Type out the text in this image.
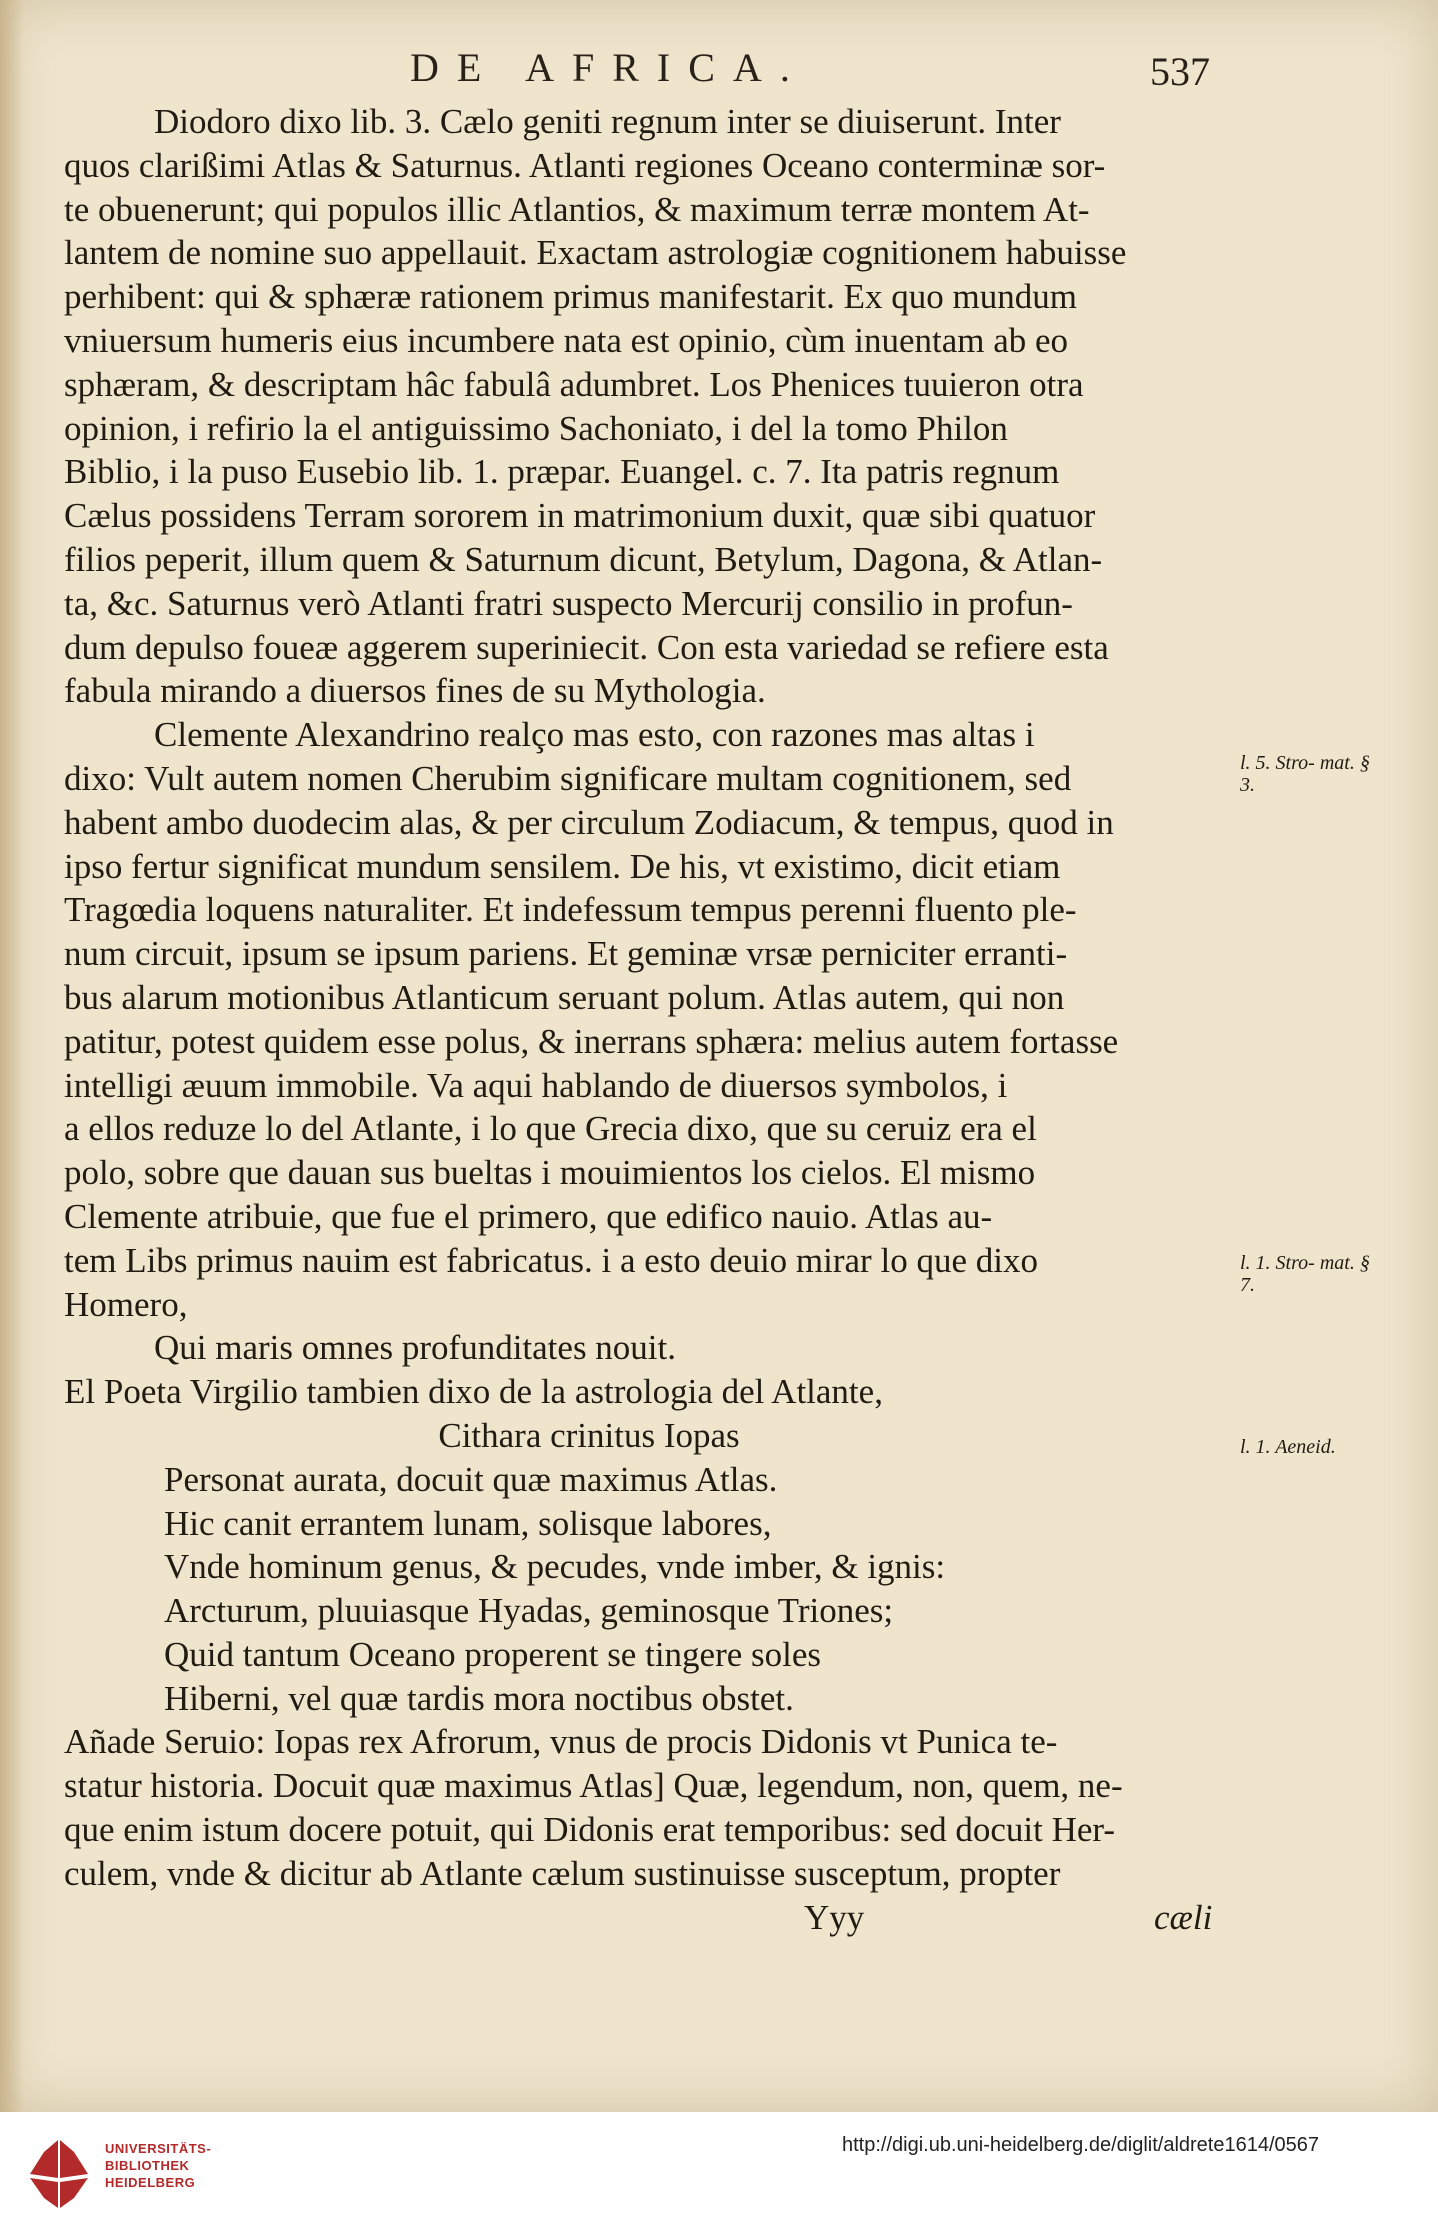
DE AFRICA.	537
Diodoro dixo lib. 3. Cælo geniti regnum inter se diuiserunt. Inter
quos clarißimi Atlas & Saturnus. Atlanti regiones Oceano conterminæ sor-
te obuenerunt; qui populos illic Atlantios, & maximum terræ montem At-
lantem de nomine suo appellauit. Exactam astrologiæ cognitionem habuisse
perhibent: qui & sphæræ rationem primus manifestarit. Ex quo mundum
vniuersum humeris eius incumbere nata est opinio, cùm inuentam ab eo
sphæram, & descriptam hâc fabulâ adumbret. Los Phenices tuuieron otra
opinion, i refirio la el antiguissimo Sachoniato, i del la tomo Philon
Biblio, i la puso Eusebio lib. 1. præpar. Euangel. c. 7. Ita patris regnum
Cælus possidens Terram sororem in matrimonium duxit, quæ sibi quatuor
filios peperit, illum quem & Saturnum dicunt, Betylum, Dagona, & Atlan-
ta, &c. Saturnus verò Atlanti fratri suspecto Mercurij consilio in profun-
dum depulso foueæ aggerem superiniecit. Con esta variedad se refiere esta
fabula mirando a diuersos fines de su Mythologia.
Clemente Alexandrino realço mas esto, con razones mas altas i
dixo: Vult autem nomen Cherubim significare multam cognitionem, sed
habent ambo duodecim alas, & per circulum Zodiacum, & tempus, quod in
ipso fertur significat mundum sensilem. De his, vt existimo, dicit etiam
Tragœdia loquens naturaliter. Et indefessum tempus perenni fluento ple-
num circuit, ipsum se ipsum pariens. Et geminæ vrsæ perniciter erranti-
bus alarum motionibus Atlanticum seruant polum. Atlas autem, qui non
patitur, potest quidem esse polus, & inerrans sphæra: melius autem fortasse
intelligi æuum immobile. Va aqui hablando de diuersos symbolos, i
a ellos reduze lo del Atlante, i lo que Grecia dixo, que su ceruiz era el
polo, sobre que dauan sus bueltas i mouimientos los cielos. El mismo
Clemente atribuie, que fue el primero, que edifico nauio. Atlas au-
tem Libs primus nauim est fabricatus. i a esto deuio mirar lo que dixo
Homero,
Qui maris omnes profunditates nouit.
El Poeta Virgilio tambien dixo de la astrologia del Atlante,
Cithara crinitus Iopas
Personat aurata, docuit quæ maximus Atlas.
Hic canit errantem lunam, solisque labores,
Vnde hominum genus, & pecudes, vnde imber, & ignis:
Arcturum, pluuiasque Hyadas, geminosque Triones;
Quid tantum Oceano properent se tingere soles
Hiberni, vel quæ tardis mora noctibus obstet.
Añade Seruio: Iopas rex Afrorum, vnus de procis Didonis vt Punica te-
statur historia. Docuit quæ maximus Atlas] Quæ, legendum, non, quem, ne-
que enim istum docere potuit, qui Didonis erat temporibus: sed docuit Her-
culem, vnde & dicitur ab Atlante cælum sustinuisse susceptum, propter
Yyy	cæli
l. 5. Stro- mat. § 3.
l. 1. Stro- mat. § 7.
l. 1. Aeneid.
UNIVERSITÄTS-
BIBLIOTHEK
HEIDELBERG
http://digi.ub.uni-heidelberg.de/diglit/aldrete1614/0567
